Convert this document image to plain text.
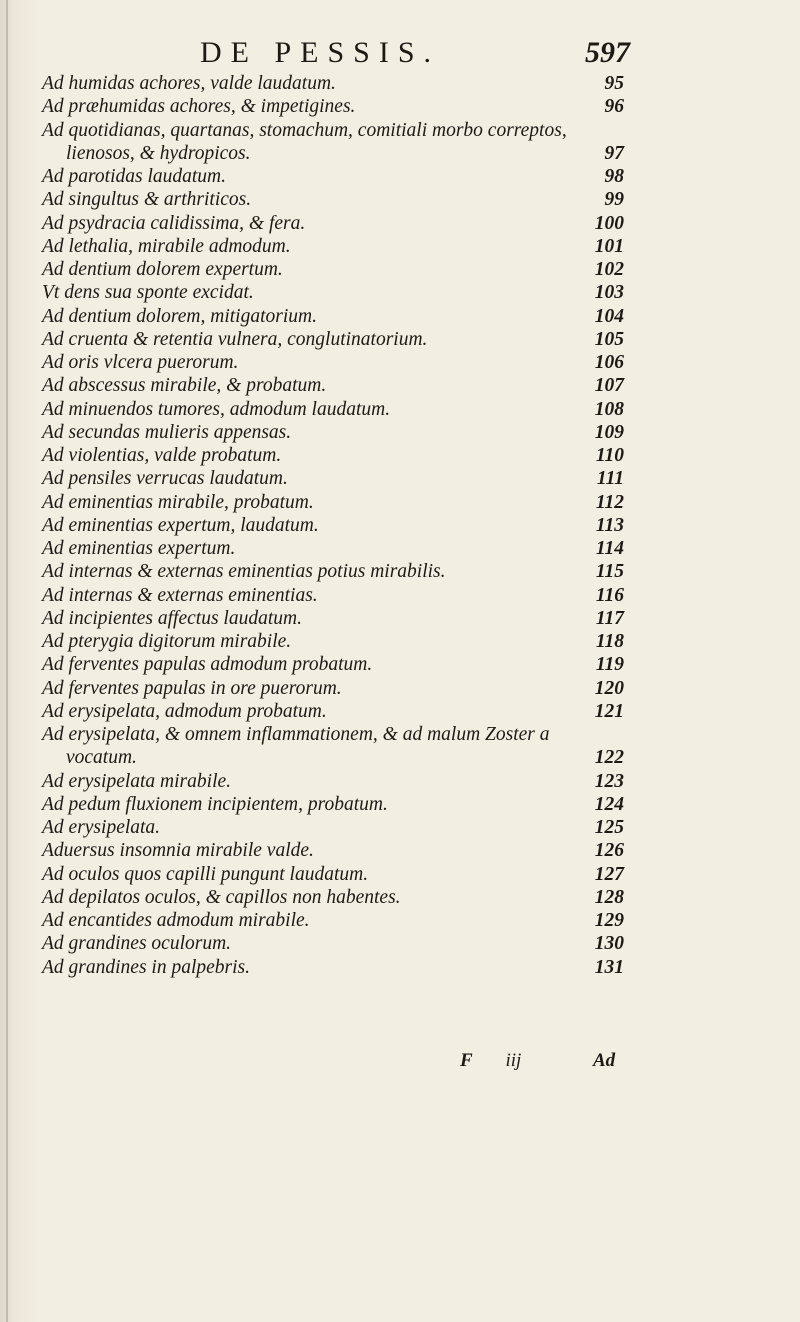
DE PESSIS.	597
Ad humidas achores, valde laudatum.	95
Ad præhumidas achores, & impetigines.	96
Ad quotidianas, quartanas, stomachum, comitiali morbo correptos,
lienosos, & hydropicos.	97
Ad parotidas laudatum.	98
Ad singultus & arthriticos.	99
Ad psydracia calidissima, & fera.	100
Ad lethalia, mirabile admodum.	101
Ad dentium dolorem expertum.	102
Vt dens sua sponte excidat.	103
Ad dentium dolorem, mitigatorium.	104
Ad cruenta & retentia vulnera, conglutinatorium.	105
Ad oris vlcera puerorum.	106
Ad abscessus mirabile, & probatum.	107
Ad minuendos tumores, admodum laudatum.	108
Ad secundas mulieris appensas.	109
Ad violentias, valde probatum.	110
Ad pensiles verrucas laudatum.	111
Ad eminentias mirabile, probatum.	112
Ad eminentias expertum, laudatum.	113
Ad eminentias expertum.	114
Ad internas & externas eminentias potius mirabilis.	115
Ad internas & externas eminentias.	116
Ad incipientes affectus laudatum.	117
Ad pterygia digitorum mirabile.	118
Ad ferventes papulas admodum probatum.	119
Ad ferventes papulas in ore puerorum.	120
Ad erysipelata, admodum probatum.	121
Ad erysipelata, & omnem inflammationem, & ad malum Zoster a
vocatum.	122
Ad erysipelata mirabile.	123
Ad pedum fluxionem incipientem, probatum.	124
Ad erysipelata.	125
Aduersus insomnia mirabile valde.	126
Ad oculos quos capilli pungunt laudatum.	127
Ad depilatos oculos, & capillos non habentes.	128
Ad encantides admodum mirabile.	129
Ad grandines oculorum.	130
Ad grandines in palpebris.	131
F iij	Ad
